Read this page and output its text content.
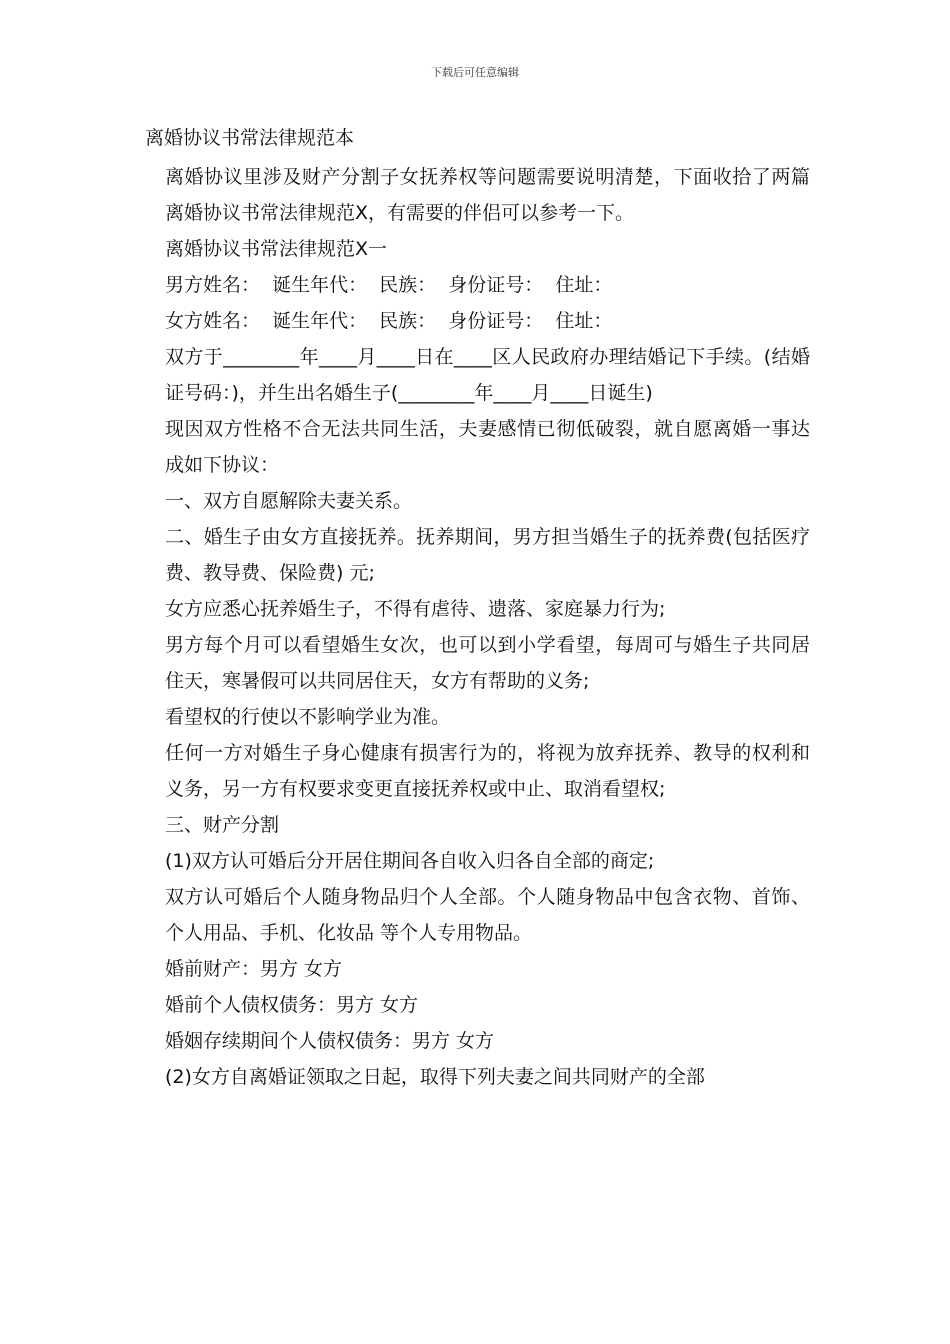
下载后可任意编辑
离婚协议书常法律规范本

离婚协议里涉及财产分割子女抚养权等问题需要说明清楚，下面收拾了两篇离婚协议书常法律规范Ⅹ，有需要的伴侣可以参考一下。

离婚协议书常法律规范Ⅹ一

男方姓名：  诞生年代：  民族：  身份证号：  住址：

女方姓名：  诞生年代：  民族：  身份证号：  住址：

双方于________年____月____日在____区人民政府办理结婚记下手续。(结婚证号码：)，并生出名婚生子(________年____月____日诞生)

现因双方性格不合无法共同生活，夫妻感情已彻低破裂，就自愿离婚一事达成如下协议：

一、双方自愿解除夫妻关系。

二、婚生子由女方直接抚养。抚养期间，男方担当婚生子的抚养费(包括医疗费、教导费、保险费) 元;

女方应悉心抚养婚生子，不得有虐待、遗落、家庭暴力行为;

男方每个月可以看望婚生女次，也可以到小学看望，每周可与婚生子共同居住天，寒暑假可以共同居住天，女方有帮助的义务;

看望权的行使以不影响学业为准。

任何一方对婚生子身心健康有损害行为的，将视为放弃抚养、教导的权利和义务，另一方有权要求变更直接抚养权或中止、取消看望权;

三、财产分割

(1)双方认可婚后分开居住期间各自收入归各自全部的商定;

双方认可婚后个人随身物品归个人全部。个人随身物品中包含衣物、首饰、个人用品、手机、化妆品 等个人专用物品。

婚前财产：男方 女方

婚前个人债权债务：男方 女方

婚姻存续期间个人债权债务：男方 女方

(2)女方自离婚证领取之日起，取得下列夫妻之间共同财产的全部
